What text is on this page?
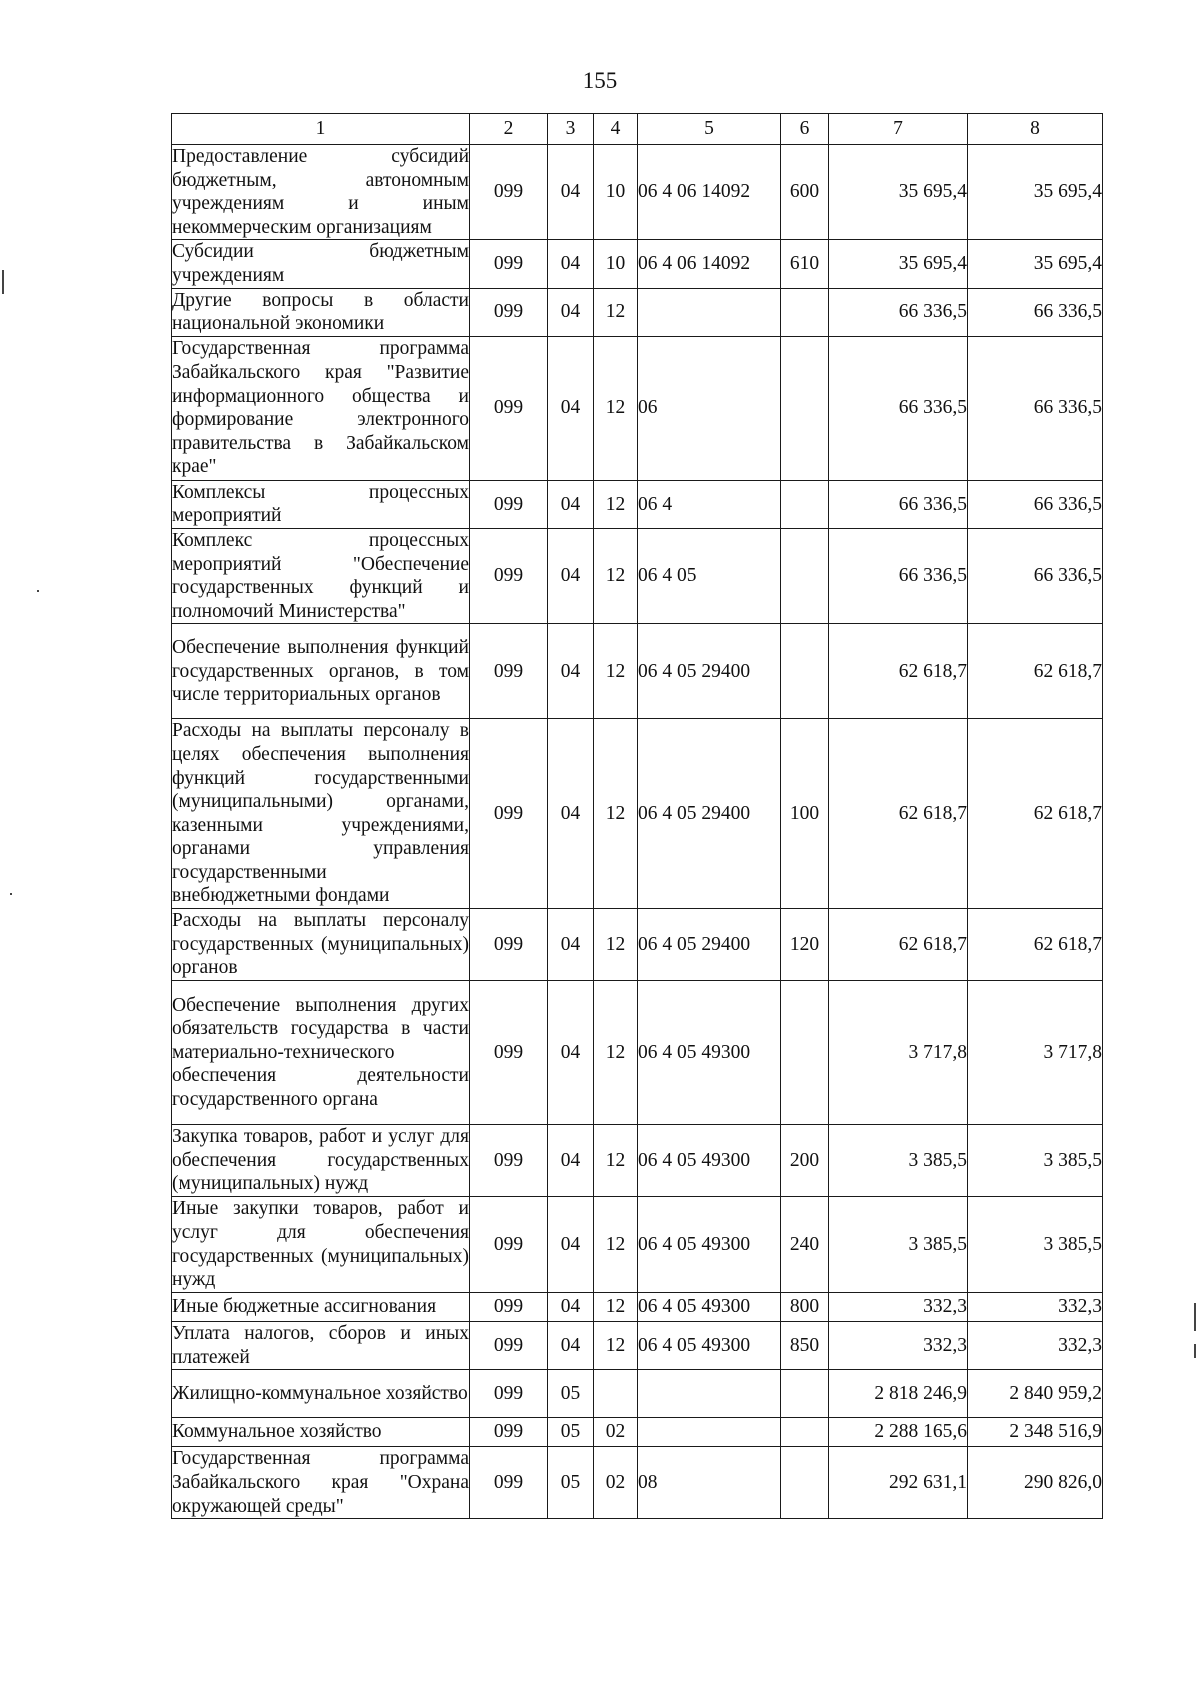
155
1	2	3	4	5	6	7	8
Предоставление субсидий бюджетным, автономным учреждениям и иным некоммерческим организациям	099	04	10	06 4 06 14092	600	35 695,4	35 695,4
Субсидии бюджетным учреждениям	099	04	10	06 4 06 14092	610	35 695,4	35 695,4
Другие вопросы в области национальной экономики	099	04	12			66 336,5	66 336,5
Государственная программа Забайкальского края "Развитие информационного общества и формирование электронного правительства в Забайкальском крае"	099	04	12	06		66 336,5	66 336,5
Комплексы процессных мероприятий	099	04	12	06 4		66 336,5	66 336,5
Комплекс процессных мероприятий "Обеспечение государственных функций и полномочий Министерства"	099	04	12	06 4 05		66 336,5	66 336,5
Обеспечение выполнения функций государственных органов, в том числе территориальных органов	099	04	12	06 4 05 29400		62 618,7	62 618,7
Расходы на выплаты персоналу в целях обеспечения выполнения функций государственными (муниципальными) органами, казенными учреждениями, органами управления государственными внебюджетными фондами	099	04	12	06 4 05 29400	100	62 618,7	62 618,7
Расходы на выплаты персоналу государственных (муниципальных) органов	099	04	12	06 4 05 29400	120	62 618,7	62 618,7
Обеспечение выполнения других обязательств государства в части материально-технического обеспечения деятельности государственного органа	099	04	12	06 4 05 49300		3 717,8	3 717,8
Закупка товаров, работ и услуг для обеспечения государственных (муниципальных) нужд	099	04	12	06 4 05 49300	200	3 385,5	3 385,5
Иные закупки товаров, работ и услуг для обеспечения государственных (муниципальных) нужд	099	04	12	06 4 05 49300	240	3 385,5	3 385,5
Иные бюджетные ассигнования	099	04	12	06 4 05 49300	800	332,3	332,3
Уплата налогов, сборов и иных платежей	099	04	12	06 4 05 49300	850	332,3	332,3
Жилищно-коммунальное хозяйство	099	05				2 818 246,9	2 840 959,2
Коммунальное хозяйство	099	05	02			2 288 165,6	2 348 516,9
Государственная программа Забайкальского края "Охрана окружающей среды"	099	05	02	08		292 631,1	290 826,0
